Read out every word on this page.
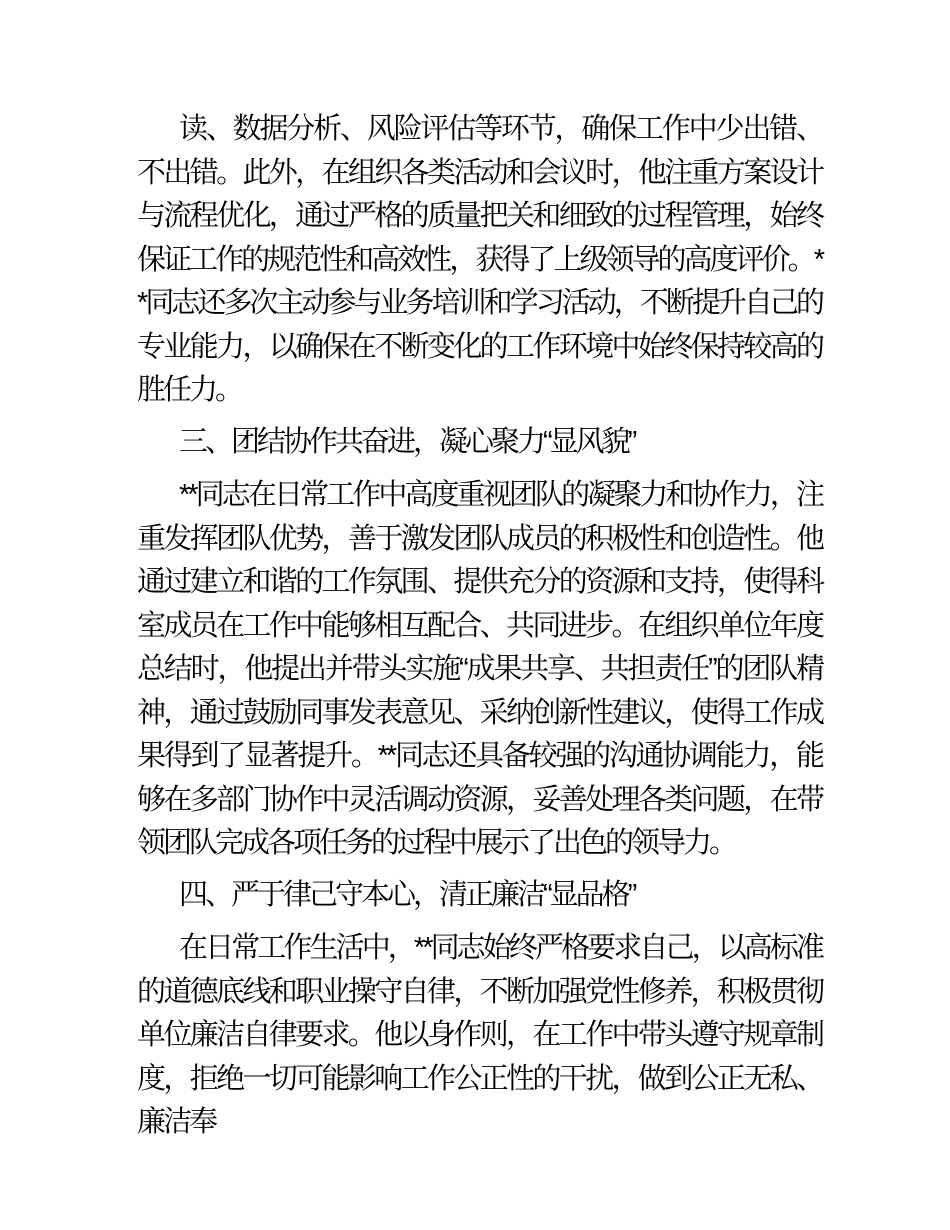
读、数据分析、风险评估等环节，确保工作中少出错、不出错。此外，在组织各类活动和会议时，他注重方案设计与流程优化，通过严格的质量把关和细致的过程管理，始终保证工作的规范性和高效性，获得了上级领导的高度评价。**同志还多次主动参与业务培训和学习活动，不断提升自己的专业能力，以确保在不断变化的工作环境中始终保持较高的胜任力。

三、团结协作共奋进，凝心聚力“显风貌”

**同志在日常工作中高度重视团队的凝聚力和协作力，注重发挥团队优势，善于激发团队成员的积极性和创造性。他通过建立和谐的工作氛围、提供充分的资源和支持，使得科室成员在工作中能够相互配合、共同进步。在组织单位年度总结时，他提出并带头实施“成果共享、共担责任”的团队精神，通过鼓励同事发表意见、采纳创新性建议，使得工作成果得到了显著提升。**同志还具备较强的沟通协调能力，能够在多部门协作中灵活调动资源，妥善处理各类问题，在带领团队完成各项任务的过程中展示了出色的领导力。

四、严于律己守本心，清正廉洁“显品格”

在日常工作生活中，**同志始终严格要求自己，以高标准的道德底线和职业操守自律，不断加强党性修养，积极贯彻单位廉洁自律要求。他以身作则，在工作中带头遵守规章制度，拒绝一切可能影响工作公正性的干扰，做到公正无私、廉洁奉
